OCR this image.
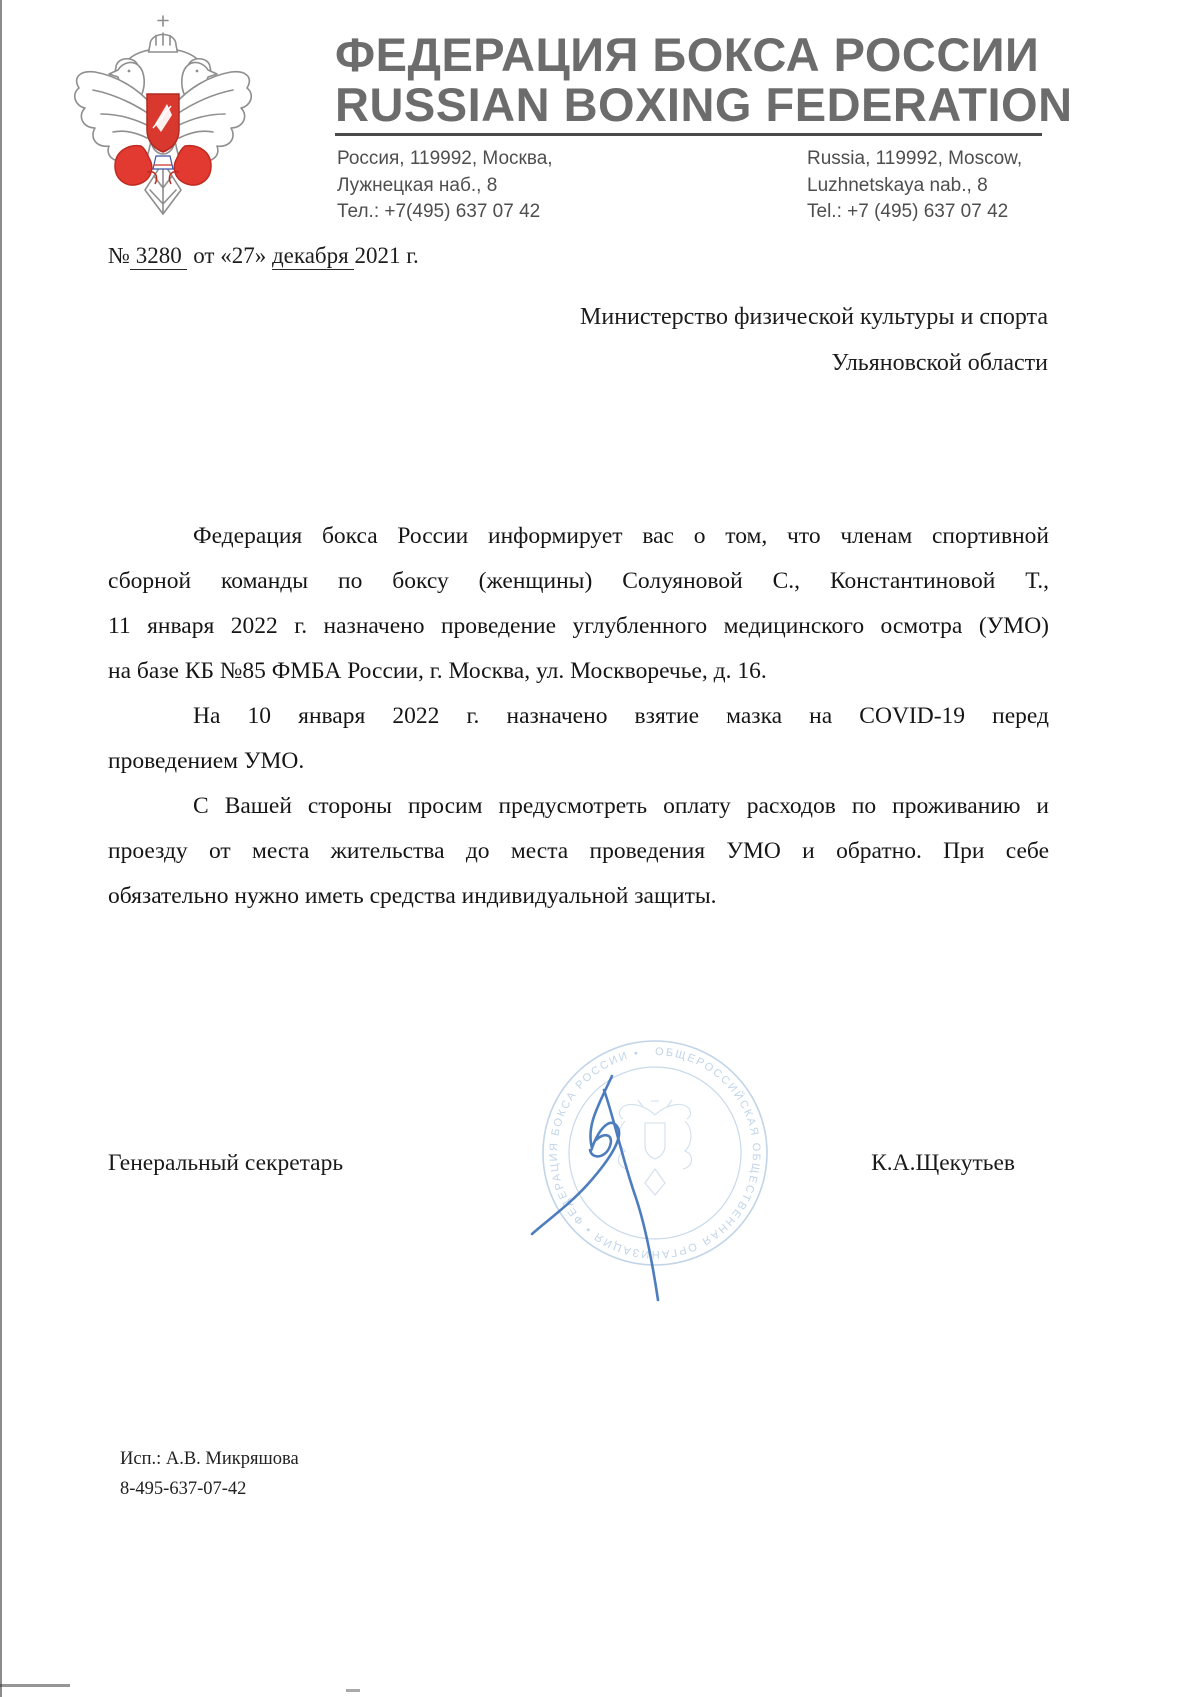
ФЕДЕРАЦИЯ БОКСА РОССИИ
RUSSIAN BOXING FEDERATION
Россия, 119992, Москва,
Лужнецкая наб., 8
Тел.: +7(495) 637 07 42
Russia, 119992, Moscow,
Luzhnetskaya nab., 8
Tel.: +7 (495) 637 07 42
№ 3280  от «27» декабря 2021 г.
Министерство физической культуры и спорта
Ульяновской области
Федерация бокса России информирует вас о том, что членам спортивной
сборной команды по боксу (женщины) Солуяновой С., Константиновой Т.,
11 января 2022 г. назначено проведение углубленного медицинского осмотра (УМО)
на базе КБ №85 ФМБА России, г. Москва, ул. Москворечье, д. 16.
На 10 января 2022 г. назначено взятие мазка на COVID-19 перед
проведением УМО.
С Вашей стороны просим предусмотреть оплату расходов по проживанию и
проезду от места жительства до места проведения УМО и обратно. При себе
обязательно нужно иметь средства индивидуальной защиты.
Генеральный секретарь	К.А.Щекутьев
ОБЩЕРОССИЙСКАЯ ОБЩЕСТВЕННАЯ ОРГАНИЗАЦИЯ • ФЕДЕРАЦИЯ БОКСА РОССИИ •
Исп.: А.В. Микряшова
8-495-637-07-42
